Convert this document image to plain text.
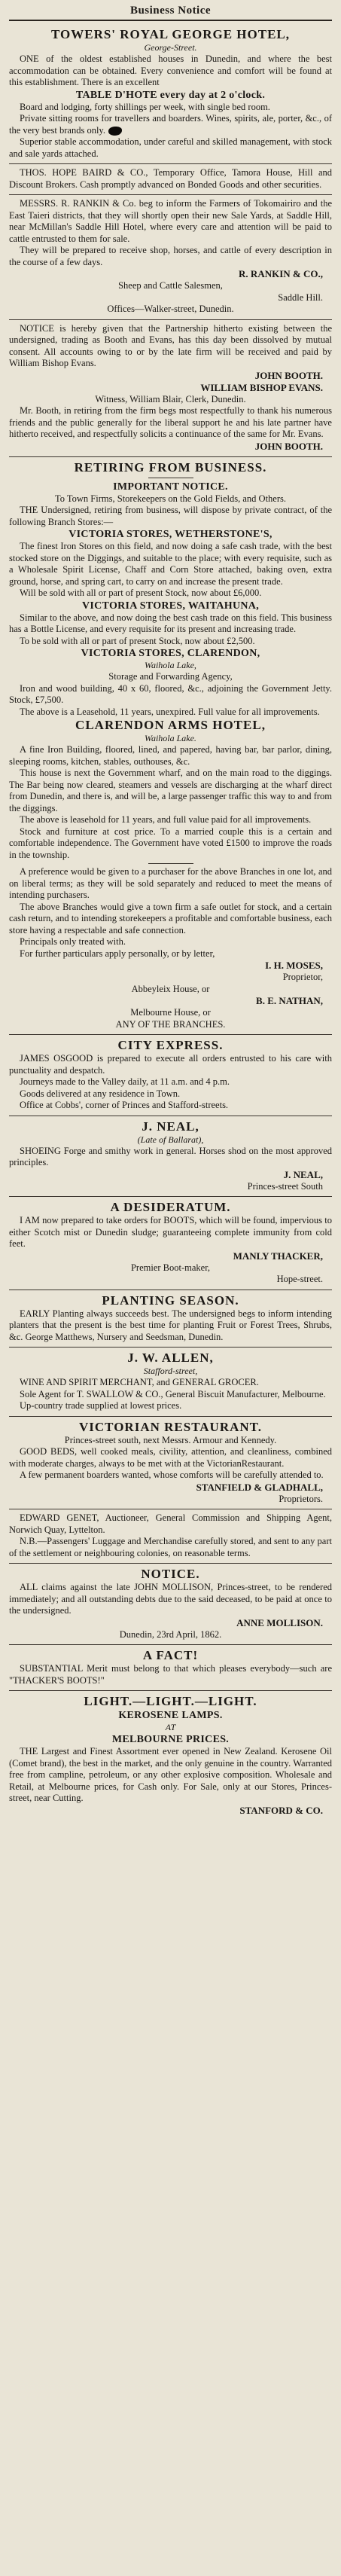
Business Notice
TOWERS' ROYAL GEORGE HOTEL,
George-Street.
ONE of the oldest established houses in Dunedin, and where the best accommodation can be obtained. Every convenience and comfort will be found at this establishment. There is an excellent
TABLE D'HOTE every day at 2 o'clock.
Board and lodging, forty shillings per week, with single bed room.
Private sitting rooms for travellers and boarders. Wines, spirits, ale, porter, &c., of the very best brands only.
Superior stable accommodation, under careful and skilled management, with stock and sale yards attached.
THOS. HOPE BAIRD & CO., Temporary Office, Tamora House, Hill and Discount Brokers. Cash promptly advanced on Bonded Goods and other securities.
MESSRS. R. RANKIN & Co. beg to inform the Farmers of Tokomairiro and the East Taieri districts, that they will shortly open their new Sale Yards, at Saddle Hill, near McMillan's Saddle Hill Hotel, where every care and attention will be paid to cattle entrusted to them for sale.
They will be prepared to receive shop, horses, and cattle of every description in the course of a few days.
R. RANKIN & CO.,
Sheep and Cattle Salesmen,
Saddle Hill.
Offices—Walker-street, Dunedin.
NOTICE is hereby given that the Partnership hitherto existing between the undersigned, trading as Booth and Evans, has this day been dissolved by mutual consent. All accounts owing to or by the late firm will be received and paid by William Bishop Evans.
JOHN BOOTH.
WILLIAM BISHOP EVANS.
Witness, William Blair, Clerk, Dunedin.
Mr. Booth, in retiring from the firm begs most respectfully to thank his numerous friends and the public generally for the liberal support he and his late partner have hitherto received, and respectfully solicits a continuance of the same for Mr. Evans.
JOHN BOOTH.
RETIRING FROM BUSINESS.
IMPORTANT NOTICE.
To Town Firms, Storekeepers on the Gold Fields, and Others.
THE Undersigned, retiring from business, will dispose by private contract, of the following Branch Stores:—
VICTORIA STORES, WETHERSTONE'S,
The finest Iron Stores on this field, and now doing a safe cash trade, with the best stocked store on the Diggings, and suitable to the place; with every requisite, such as a Wholesale Spirit License, Chaff and Corn Store attached, baking oven, extra ground, horse, and spring cart, to carry on and increase the present trade.
Will be sold with all or part of present Stock, now about £6,000.
VICTORIA STORES, WAITAHUNA,
Similar to the above, and now doing the best cash trade on this field. This business has a Bottle License, and every requisite for its present and increasing trade.
To be sold with all or part of present Stock, now about £2,500.
VICTORIA STORES, CLARENDON,
Waihola Lake,
Storage and Forwarding Agency,
Iron and wood building, 40 x 60, floored, &c., adjoining the Government Jetty. Stock, £7,500.
The above is a Leasehold, 11 years, unexpired. Full value for all improvements.
CLARENDON ARMS HOTEL,
Waihola Lake.
A fine Iron Building, floored, lined, and papered, having bar, bar parlor, dining, sleeping rooms, kitchen, stables, outhouses, &c.
This house is next the Government wharf, and on the main road to the diggings. The Bar being now cleared, steamers and vessels are discharging at the wharf direct from Dunedin, and there is, and will be, a large passenger traffic this way to and from the diggings.
The above is leasehold for 11 years, and full value paid for all improvements.
Stock and furniture at cost price. To a married couple this is a certain and comfortable independence. The Government have voted £1500 to improve the roads in the township.
A preference would be given to a purchaser for the above Branches in one lot, and on liberal terms; as they will be sold separately and reduced to meet the means of intending purchasers.
The above Branches would give a town firm a safe outlet for stock, and a certain cash return, and to intending storekeepers a profitable and comfortable business, each store having a respectable and safe connection.
Principals only treated with.
For further particulars apply personally, or by letter,
I. H. MOSES,
Proprietor,
Abbeyleix House, or
B. E. NATHAN,
Melbourne House, or
ANY OF THE BRANCHES.
CITY EXPRESS.
JAMES OSGOOD is prepared to execute all orders entrusted to his care with punctuality and despatch.
Journeys made to the Valley daily, at 11 a.m. and 4 p.m.
Goods delivered at any residence in Town.
Office at Cobbs', corner of Princes and Stafford-streets.
J. NEAL,
(Late of Ballarat),
SHOEING Forge and smithy work in general. Horses shod on the most approved principles.
J. NEAL,
Princes-street South
A DESIDERATUM.
I AM now prepared to take orders for BOOTS, which will be found, impervious to either Scotch mist or Dunedin sludge; guaranteeing complete immunity from cold feet.
MANLY THACKER,
Premier Boot-maker,
Hope-street.
PLANTING SEASON.
EARLY Planting always succeeds best. The undersigned begs to inform intending planters that the present is the best time for planting Fruit or Forest Trees, Shrubs, &c. George Matthews, Nursery and Seedsman, Dunedin.
J. W. ALLEN,
Stafford-street,
WINE AND SPIRIT MERCHANT, and GENERAL GROCER.
Sole Agent for T. SWALLOW & CO., General Biscuit Manufacturer, Melbourne.
Up-country trade supplied at lowest prices.
VICTORIAN RESTAURANT.
Princes-street south, next Messrs. Armour and Kennedy.
GOOD BEDS, well cooked meals, civility, attention, and cleanliness, combined with moderate charges, always to be met with at the VictorianRestaurant.
A few permanent boarders wanted, whose comforts will be carefully attended to.
STANFIELD & GLADHALL,
Proprietors.
EDWARD GENET, Auctioneer, General Commission and Shipping Agent, Norwich Quay, Lyttelton.
N.B.—Passengers' Luggage and Merchandise carefully stored, and sent to any part of the settlement or neighbouring colonies, on reasonable terms.
NOTICE.
ALL claims against the late JOHN MOLLISON, Princes-street, to be rendered immediately; and all outstanding debts due to the said deceased, to be paid at once to the undersigned.
ANNE MOLLISON.
Dunedin, 23rd April, 1862.
A FACT!
SUBSTANTIAL Merit must belong to that which pleases everybody—such are "THACKER'S BOOTS!"
LIGHT.—LIGHT.—LIGHT.
KEROSENE LAMPS.
AT
MELBOURNE PRICES.
THE Largest and Finest Assortment ever opened in New Zealand. Kerosene Oil (Comet brand), the best in the market, and the only genuine in the country. Warranted free from campline, petroleum, or any other explosive composition. Wholesale and Retail, at Melbourne prices, for Cash only. For Sale, only at our Stores, Princes-street, near Cutting.
STANFORD & CO.
